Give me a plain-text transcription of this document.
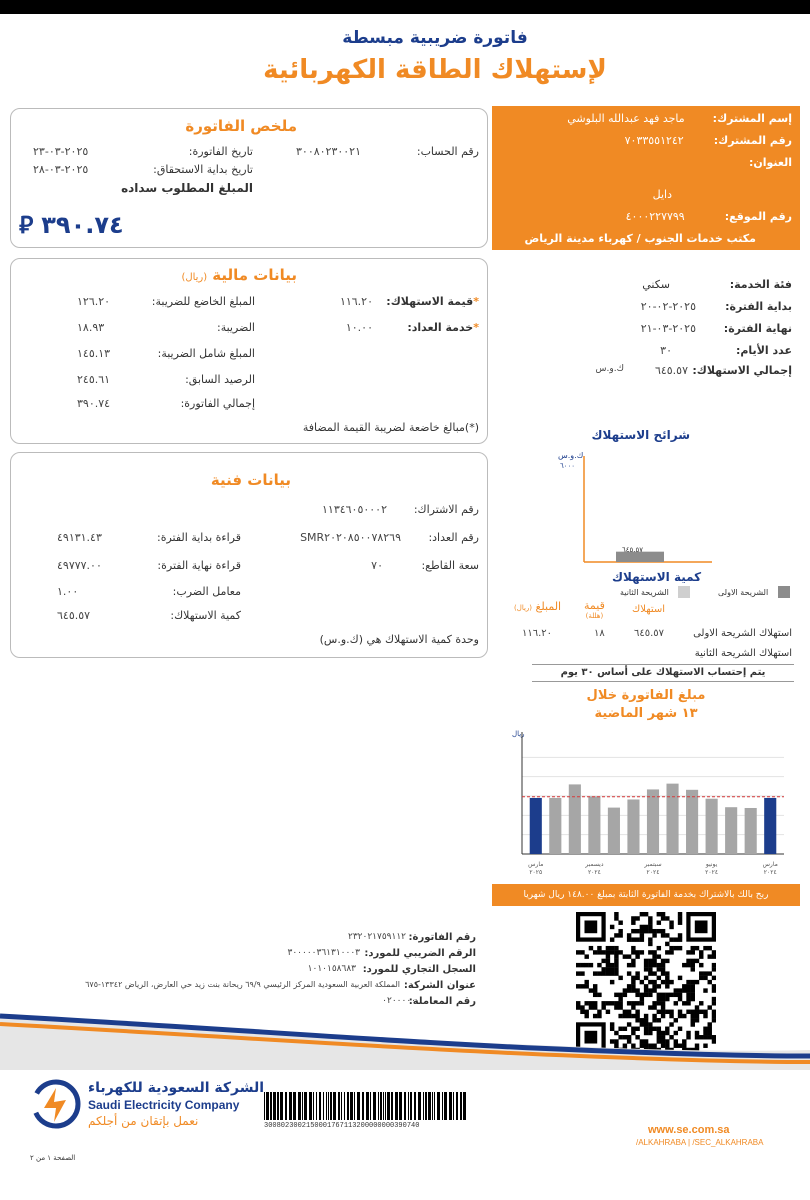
فاتورة ضريبية مبسطة
لإستهلاك الطاقة الكهربائية
إسم المشترك:
ماجد فهد عبدالله البلوشي
رقم المشترك:
٧٠٣٣٥٥١٢٤٢
العنوان:
دايل
رقم الموقع:
٤٠٠٠٢٢٧٧٩٩
مكتب خدمات الجنوب / كهرباء مدينة الرياض
ملخص الفاتورة
رقم الحساب:
٣٠٠٨٠٢٣٠٠٢١
تاريخ الفاتورة:
٢٠٢٥-٠٣-٢٣
تاريخ بداية الاستحقاق:
٢٠٢٥-٠٣-٢٨
المبلغ المطلوب سداده
⃁ ٣٩٠.٧٤
فئة الخدمة:
سكني
بداية الفترة:
٢٠٢٥-٠٢-٢٠
نهاية الفترة:
٢٠٢٥-٠٣-٢١
عدد الأيام:
٣٠
إجمالي الاستهلاك:
٦٤٥.٥٧
ك.و.س
بيانات مالية (ريال)
*قيمة الاستهلاك:
١١٦.٢٠
*خدمة العداد:
١٠.٠٠
المبلغ الخاضع للضريبة:
١٢٦.٢٠
الضريبة:
١٨.٩٣
المبلغ شامل الضريبة:
١٤٥.١٣
الرصيد السابق:
٢٤٥.٦١
إجمالي الفاتورة:
٣٩٠.٧٤
(*)مبالغ خاضعة لضريبة القيمة المضافة
بيانات فنية
رقم الاشتراك:
١١٣٤٦٠٥٠٠٠٢
رقم العداد:
SMR٢٠٢٠٨٥٠٠٧٨٢٦٩
سعة القاطع:
٧٠
قراءة بداية الفترة:
٤٩١٣١.٤٣
قراءة نهاية الفترة:
٤٩٧٧٧.٠٠
معامل الضرب:
١.٠٠
كمية الاستهلاك:
٦٤٥.٥٧
وحدة كمية الاستهلاك هي (ك.و.س)
شرائح الاستهلاك
ك.و.س
٦٠٠٠
٦٤٥.٥٧
كمية الاستهلاك
الشريحة الاولى
الشريحة الثانية
استهلاك
قيمة
(هللة)
المبلغ (ريال)
استهلاك الشريحة الاولى
٦٤٥.٥٧
١٨
١١٦.٢٠
استهلاك الشريحة الثانية
يتم إحتساب الاستهلاك على أساس ٣٠ يوم
مبلغ الفاتورة خلال
١٣ شهر الماضية
ريال
مارس
٢٠٢٤
يونيو
٢٠٢٤
سبتمبر
٢٠٢٤
ديسمبر
٢٠٢٤
مارس
٢٠٢٥
ربح بالك بالاشتراك بخدمة الفاتورة الثابتة بمبلغ ١٤٨.٠٠ ريال شهريا
رقم الفاتورة:
٢٣٢٠٢١٧٥٩١١٢
الرقم الضريبي للمورد:
٣٠٠٠٠٠٣٦١٣١٠٠٠٣
السجل التجاري للمورد:
١٠١٠١٥٨٦٨٣
عنوان الشركة:
المملكة العربية السعودية المركز الرئيسي ٦٩/٩ ريحانة بنت زيد حي العارض، الرياض ١٣٣٤٢-٦٧٥
رقم المعاملة:
٠٢٠٠٠٠٠
الشركة السعودية للكهرباء
Saudi Electricity Company
نعمل بإتقان من أجلكم	3008023002150001767113200000000390740	www.se.com.sa
/ALKAHRABA | /SEC_ALKAHRABA
الصفحة ١ من ٢
